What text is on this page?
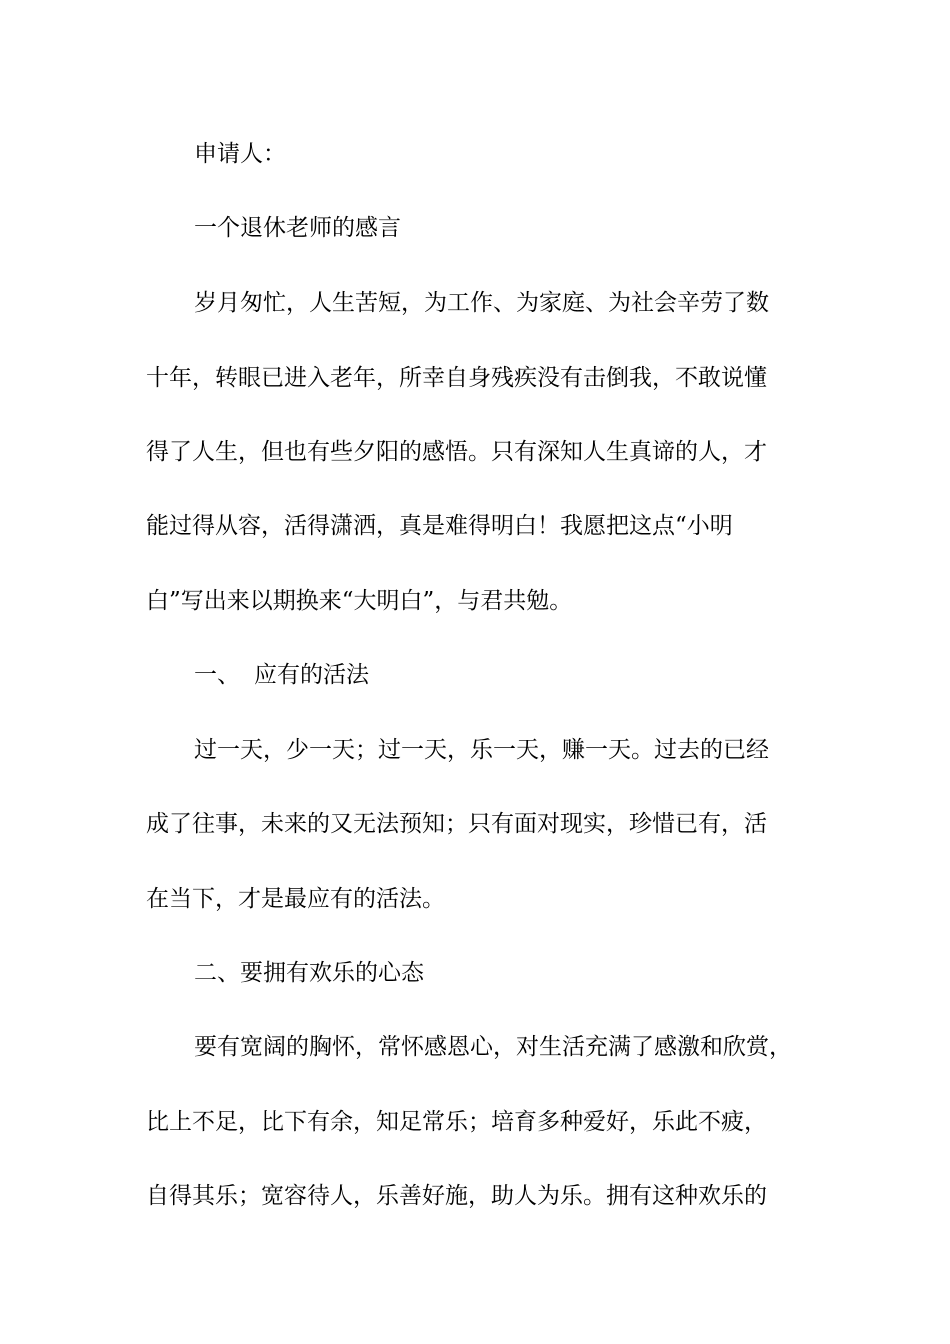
申请人：
一个退休老师的感言
岁月匆忙，人生苦短，为工作、为家庭、为社会辛劳了数
十年，转眼已进入老年，所幸自身残疾没有击倒我，不敢说懂
得了人生，但也有些夕阳的感悟。只有深知人生真谛的人，才
能过得从容，活得潇洒，真是难得明白！我愿把这点“小明
白”写出来以期换来“大明白”，与君共勉。
一、 应有的活法
过一天，少一天；过一天，乐一天，赚一天。过去的已经
成了往事，未来的又无法预知；只有面对现实，珍惜已有，活
在当下，才是最应有的活法。
二、要拥有欢乐的心态
要有宽阔的胸怀，常怀感恩心，对生活充满了感激和欣赏，
比上不足，比下有余，知足常乐；培育多种爱好，乐此不疲，
自得其乐；宽容待人，乐善好施，助人为乐。拥有这种欢乐的
